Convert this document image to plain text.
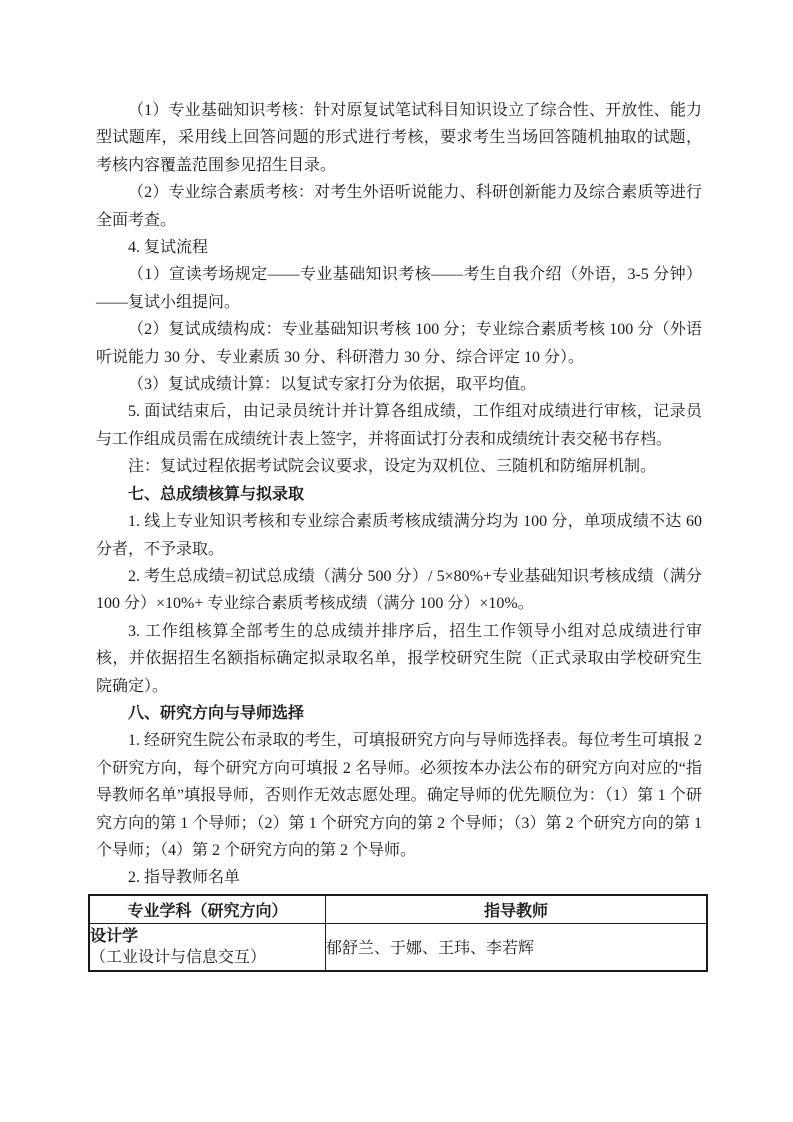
（1）专业基础知识考核：针对原复试笔试科目知识设立了综合性、开放性、能力型试题库，采用线上回答问题的形式进行考核，要求考生当场回答随机抽取的试题，考核内容覆盖范围参见招生目录。

（2）专业综合素质考核：对考生外语听说能力、科研创新能力及综合素质等进行全面考查。

4. 复试流程

（1）宣读考场规定——专业基础知识考核——考生自我介绍（外语，3-5 分钟）——复试小组提问。

（2）复试成绩构成：专业基础知识考核 100 分；专业综合素质考核 100 分（外语听说能力 30 分、专业素质 30 分、科研潜力 30 分、综合评定 10 分）。

（3）复试成绩计算：以复试专家打分为依据，取平均值。

5. 面试结束后，由记录员统计并计算各组成绩，工作组对成绩进行审核，记录员与工作组成员需在成绩统计表上签字，并将面试打分表和成绩统计表交秘书存档。

注：复试过程依据考试院会议要求，设定为双机位、三随机和防缩屏机制。

七、总成绩核算与拟录取

1. 线上专业知识考核和专业综合素质考核成绩满分均为 100 分，单项成绩不达 60 分者，不予录取。

2. 考生总成绩=初试总成绩（满分 500 分）/ 5×80%+专业基础知识考核成绩（满分 100 分）×10%+ 专业综合素质考核成绩（满分 100 分）×10%。

3. 工作组核算全部考生的总成绩并排序后，招生工作领导小组对总成绩进行审核，并依据招生名额指标确定拟录取名单，报学校研究生院（正式录取由学校研究生院确定）。

八、研究方向与导师选择

1. 经研究生院公布录取的考生，可填报研究方向与导师选择表。每位考生可填报 2 个研究方向，每个研究方向可填报 2 名导师。必须按本办法公布的研究方向对应的“指导教师名单”填报导师，否则作无效志愿处理。确定导师的优先顺位为：（1）第 1 个研究方向的第 1 个导师；（2）第 1 个研究方向的第 2 个导师；（3）第 2 个研究方向的第 1 个导师；（4）第 2 个研究方向的第 2 个导师。

2. 指导教师名单

专业学科（研究方向）	指导教师

设计学
（工业设计与信息交互）	郁舒兰、于娜、王玮、李若辉
